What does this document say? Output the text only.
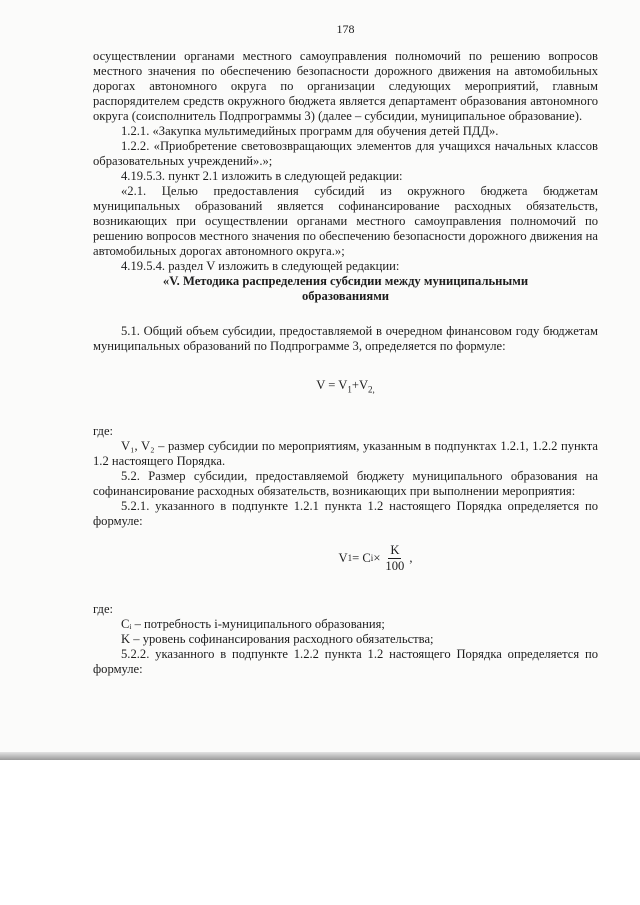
178

осуществлении органами местного самоуправления полномочий по решению вопросов местного значения по обеспечению безопасности дорожного движения на автомобильных дорогах автономного округа по организации следующих мероприятий, главным распорядителем средств окружного бюджета является департамент образования автономного округа (соисполнитель Подпрограммы 3) (далее – субсидии, муниципальное образование).

1.2.1. «Закупка мультимедийных программ для обучения детей ПДД».

1.2.2. «Приобретение световозвращающих элементов для учащихся начальных классов образовательных учреждений».»;

4.19.5.3. пункт 2.1 изложить в следующей редакции:

«2.1. Целью предоставления субсидий из окружного бюджета бюджетам муниципальных образований является софинансирование расходных обязательств, возникающих при осуществлении органами местного самоуправления полномочий по решению вопросов местного значения по обеспечению безопасности дорожного движения на автомобильных дорогах автономного округа.»;

4.19.5.4. раздел V изложить в следующей редакции:

«V. Методика распределения субсидии между муниципальными образованиями

5.1. Общий объем субсидии, предоставляемой в очередном финансовом году бюджетам муниципальных образований по Подпрограмме 3, определяется по формуле:

$V = V_1+V_{2,}$

где:

V₁, V₂ – размер субсидии по мероприятиям, указанным в подпунктах 1.2.1, 1.2.2 пункта 1.2 настоящего Порядка.

5.2. Размер субсидии, предоставляемой бюджету муниципального образования на софинансирование расходных обязательств, возникающих при выполнении мероприятия:

5.2.1. указанного в подпункте 1.2.1 пункта 1.2 настоящего Порядка определяется по формуле:

V 1 = C $i \times \frac{K}{100}$ ,

где:

Cᵢ – потребность i-муниципального образования;

K – уровень софинансирования расходного обязательства;

5.2.2. указанного в подпункте 1.2.2 пункта 1.2 настоящего Порядка определяется по формуле:
